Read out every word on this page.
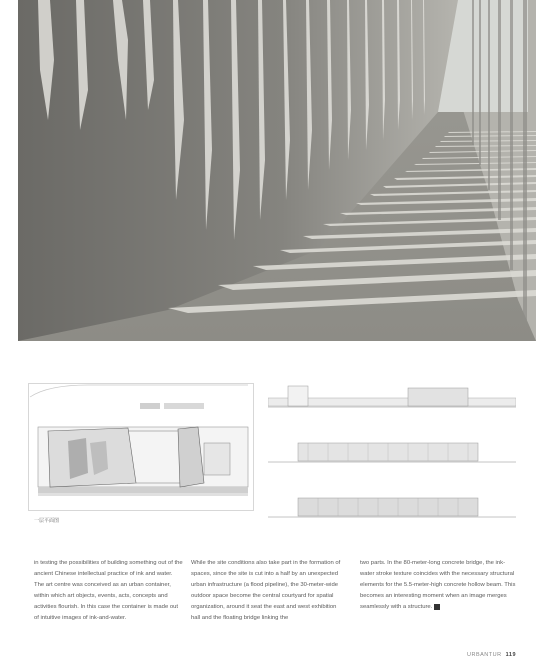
一层平面图
in testing the possibilities of building something out of the ancient Chinese intellectual practice of ink and water. The art centre was conceived as an urban container, within which art objects, events, acts, concepts and activities flourish. In this case the container is made out of intuitive images of ink-and-water.
While the site conditions also take part in the formation of spaces, since the site is cut into a half by an unexpected urban infrastructure (a flood pipeline), the 30-meter-wide outdoor space become the central courtyard for spatial organization, around it seat the east and west exhibition hall and the floating bridge linking the
two parts. In the 80-meter-long concrete bridge, the ink-water stroke texture coincides with the necessary structural elements for the 5.5-meter-high concrete hollow beam. This becomes an interesting moment when an image merges seamlessly with a structure.
URBANTUR 119
